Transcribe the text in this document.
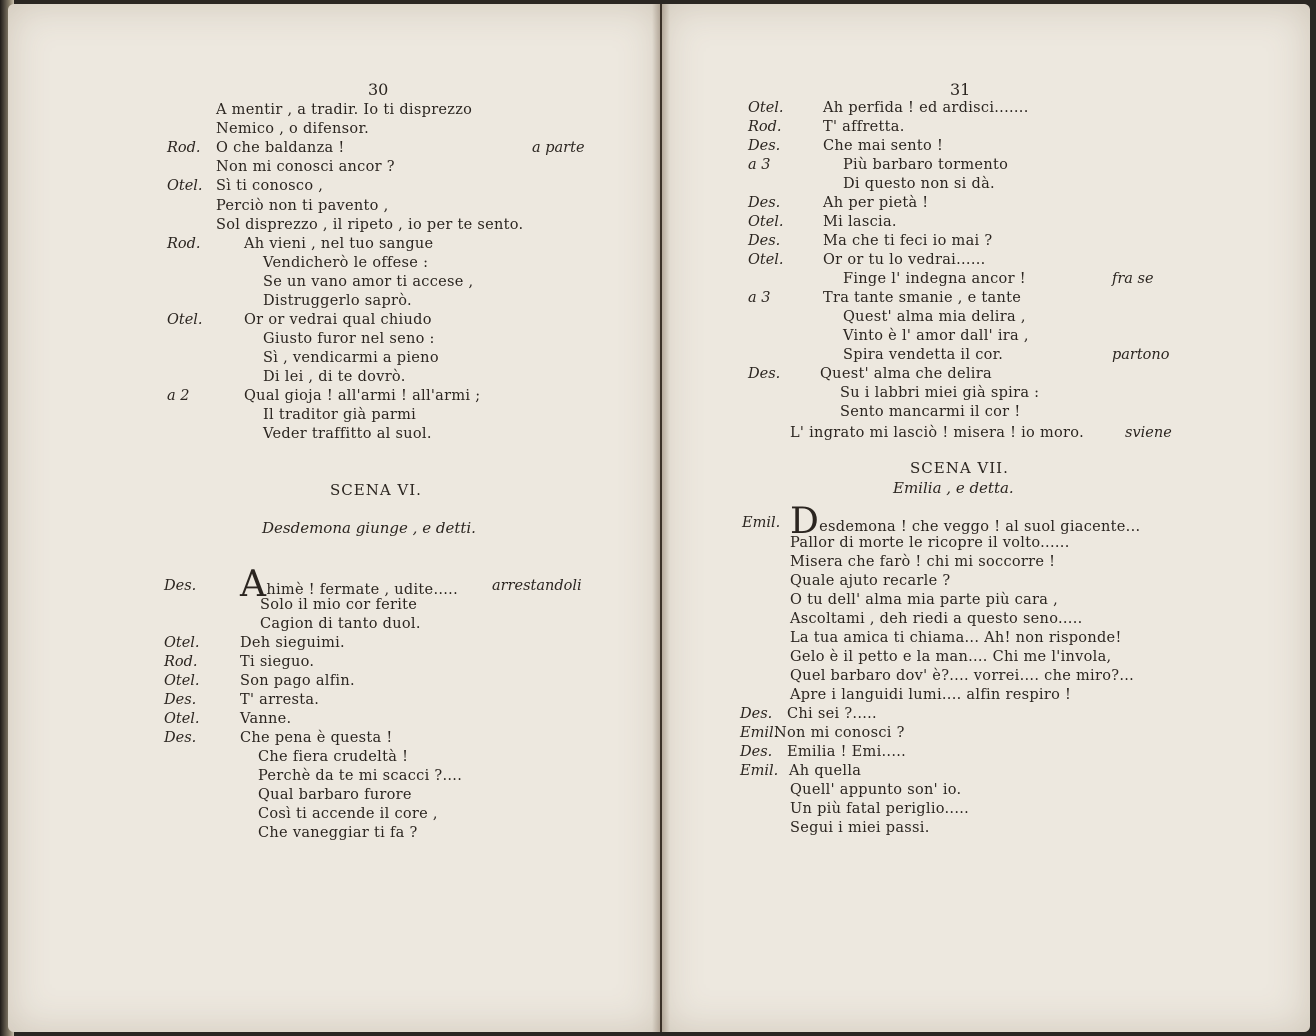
30	31
SCENA VI.
Desdemona giunge , e detti.
SCENA VII.
Emilia , e detta.
A mentir , a tradir. Io ti disprezzo
Nemico , o difensor.
Rod. O che baldanza !	a parte
Non mi conosci ancor ?
Otel. Sì ti conosco ,
Perciò non ti pavento ,
Sol disprezzo , il ripeto , io per te sento.
Rod.	Ah vieni , nel tuo sangue
Vendicherò le offese :
Se un vano amor ti accese ,
Distruggerlo saprò.
Otel.	Or or vedrai qual chiudo
Giusto furor nel seno :
Sì , vendicarmi a pieno
Di lei , di te dovrò.
a 2	Qual gioja ! all'armi ! all'armi ;
Il traditor già parmi
Veder traffitto al suol.
Des. Ahimè ! fermate , udite..... arrestandoli
Solo il mio cor ferite
Cagion di tanto duol.
Otel.	Deh sieguimi.
Rod.	Ti sieguo.
Otel.	Son pago alfin.
Des.	T' arresta.
Otel.	Vanne.
Des.	Che pena è questa !
Che fiera crudeltà !
Perchè da te mi scacci ?....
Qual barbaro furore
Così ti accende il core ,
Che vaneggiar ti fa ?
Otel.	Ah perfida ! ed ardisci.......
Rod.	T' affretta.
Des.	Che mai sento !
a 3	Più barbaro tormento
Di questo non si dà.
Des.	Ah per pietà !
Otel.	Mi lascia.
Des.	Ma che ti feci io mai ?
Otel.	Or or tu lo vedrai......
Finge l' indegna ancor !	fra se
a 3	Tra tante smanie , e tante
Quest' alma mia delira ,
Vinto è l' amor dall' ira ,
Spira vendetta il cor.	partono
Des.	Quest' alma che delira
Su i labbri miei già spira :
Sento mancarmi il cor !
L' ingrato mi lasciò ! misera ! io moro.	sviene
Emil. Desdemona ! che veggo ! al suol giacente...
Pallor di morte le ricopre il volto......
Misera che farò ! chi mi soccorre !
Quale ajuto recarle ?
O tu dell' alma mia parte più cara ,
Ascoltami , deh riedi a questo seno.....
La tua amica ti chiama... Ah! non risponde!
Gelo è il petto e la man.... Chi me l'invola,
Quel barbaro dov' è?.... vorrei.... che miro?...
Apre i languidi lumi.... alfin respiro !
Des. Chi sei ?.....
Emil.
Non mi conosci ?
Des. Emilia ! Emi.....
Emil. Ah quella
Quell' appunto son' io.
Un più fatal periglio.....
Segui i miei passi.
